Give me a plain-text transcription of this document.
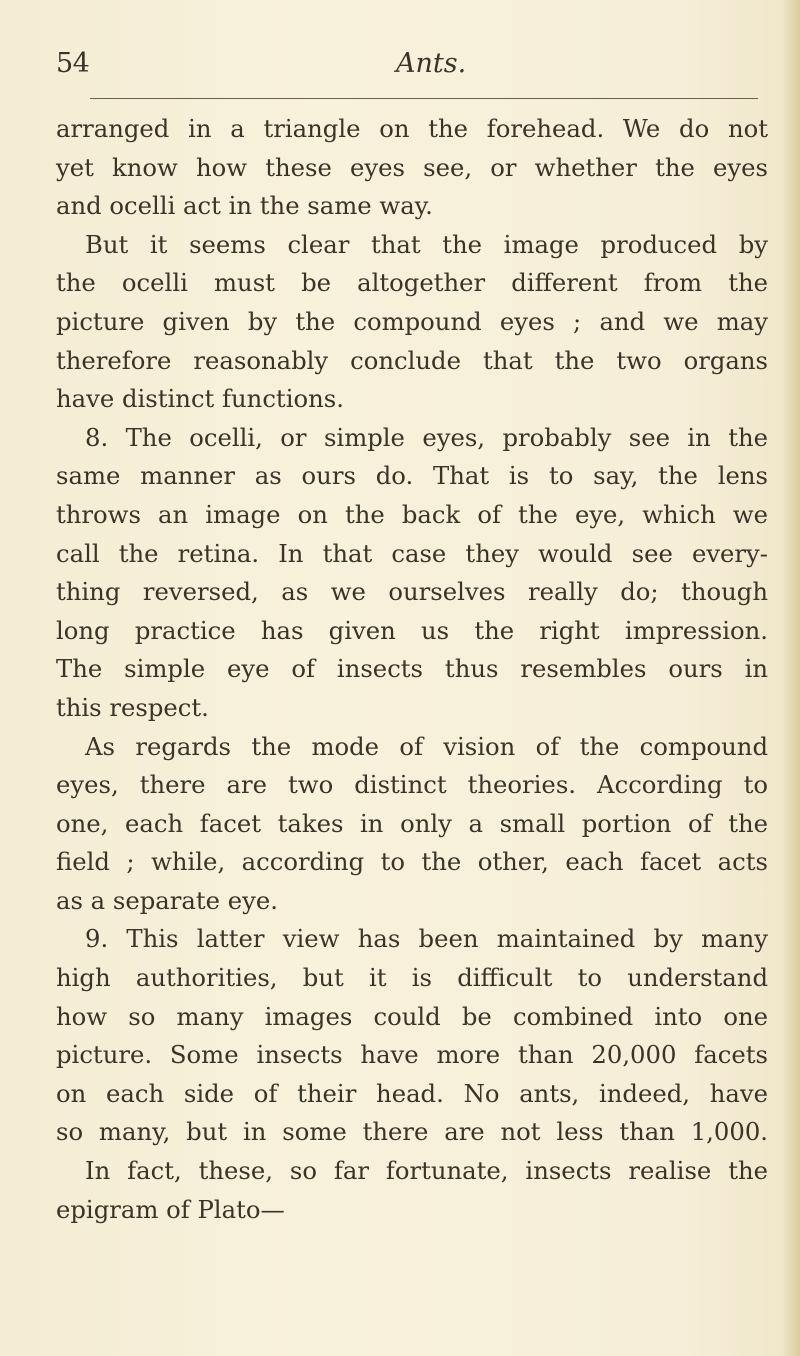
54	Ants.
arranged in a triangle on the forehead. We do not
yet know how these eyes see, or whether the eyes
and ocelli act in the same way.
But it seems clear that the image produced by
the ocelli must be altogether different from the
picture given by the compound eyes ; and we may
therefore reasonably conclude that the two organs
have distinct functions.
8. The ocelli, or simple eyes, probably see in the
same manner as ours do. That is to say, the lens
throws an image on the back of the eye, which we
call the retina. In that case they would see every-
thing reversed, as we ourselves really do; though
long practice has given us the right impression.
The simple eye of insects thus resembles ours in
this respect.
As regards the mode of vision of the compound
eyes, there are two distinct theories. According to
one, each facet takes in only a small portion of the
field ; while, according to the other, each facet acts
as a separate eye.
9. This latter view has been maintained by many
high authorities, but it is difficult to understand
how so many images could be combined into one
picture. Some insects have more than 20,000 facets
on each side of their head. No ants, indeed, have
so many, but in some there are not less than 1,000.
In fact, these, so far fortunate, insects realise the
epigram of Plato—
